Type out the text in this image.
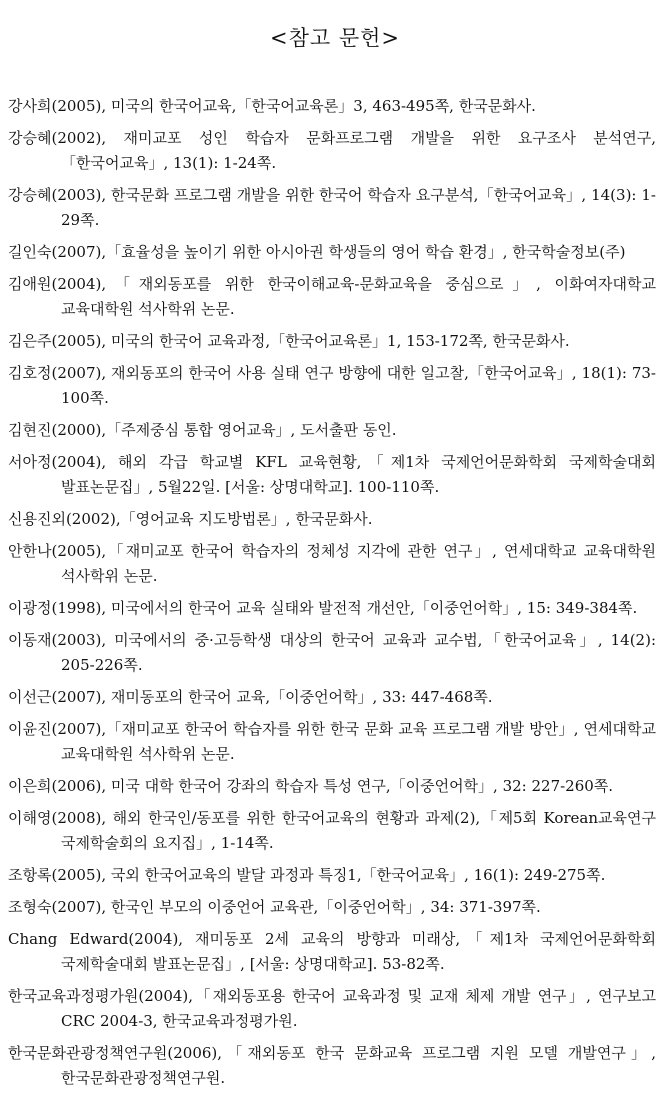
<참고 문헌>
강사희(2005), 미국의 한국어교육,「한국어교육론」3, 463-495쪽, 한국문화사.
강승혜(2002), 재미교포 성인 학습자 문화프로그램 개발을 위한 요구조사 분석연구,「한국어교육」, 13(1): 1-24쪽.
강승혜(2003), 한국문화 프로그램 개발을 위한 한국어 학습자 요구분석,「한국어교육」, 14(3): 1-29쪽.
길인숙(2007),「효율성을 높이기 위한 아시아권 학생들의 영어 학습 환경」, 한국학술정보(주)
김애원(2004),「재외동포를 위한 한국이해교육-문화교육을 중심으로」, 이화여자대학교 교육대학원 석사학위 논문.
김은주(2005), 미국의 한국어 교육과정,「한국어교육론」1, 153-172쪽, 한국문화사.
김호정(2007), 재외동포의 한국어 사용 실태 연구 방향에 대한 일고찰,「한국어교육」, 18(1): 73-100쪽.
김현진(2000),「주제중심 통합 영어교육」, 도서출판 동인.
서아정(2004), 해외 각급 학교별 KFL 교육현황,「제1차 국제언어문화학회 국제학술대회 발표논문집」, 5월22일. [서울: 상명대학교]. 100-110쪽.
신용진외(2002),「영어교육 지도방법론」, 한국문화사.
안한나(2005),「재미교포 한국어 학습자의 정체성 지각에 관한 연구」, 연세대학교 교육대학원 석사학위 논문.
이광정(1998), 미국에서의 한국어 교육 실태와 발전적 개선안,「이중언어학」, 15: 349-384쪽.
이동재(2003), 미국에서의 중·고등학생 대상의 한국어 교육과 교수법,「한국어교육」, 14(2): 205-226쪽.
이선근(2007), 재미동포의 한국어 교육,「이중언어학」, 33: 447-468쪽.
이윤진(2007),「재미교포 한국어 학습자를 위한 한국 문화 교육 프로그램 개발 방안」, 연세대학교 교육대학원 석사학위 논문.
이은희(2006), 미국 대학 한국어 강좌의 학습자 특성 연구,「이중언어학」, 32: 227-260쪽.
이해영(2008), 해외 한국인/동포를 위한 한국어교육의 현황과 과제(2),「제5회 Korean교육연구 국제학술회의 요지집」, 1-14쪽.
조항록(2005), 국외 한국어교육의 발달 과정과 특징1,「한국어교육」, 16(1): 249-275쪽.
조형숙(2007), 한국인 부모의 이중언어 교육관,「이중언어학」, 34: 371-397쪽.
Chang Edward(2004), 재미동포 2세 교육의 방향과 미래상,「제1차 국제언어문화학회 국제학술대회 발표논문집」, [서울: 상명대학교]. 53-82쪽.
한국교육과정평가원(2004),「재외동포용 한국어 교육과정 및 교재 체제 개발 연구」, 연구보고 CRC 2004-3, 한국교육과정평가원.
한국문화관광정책연구원(2006),「재외동포 한국 문화교육 프로그램 지원 모델 개발연구」, 한국문화관광정책연구원.
